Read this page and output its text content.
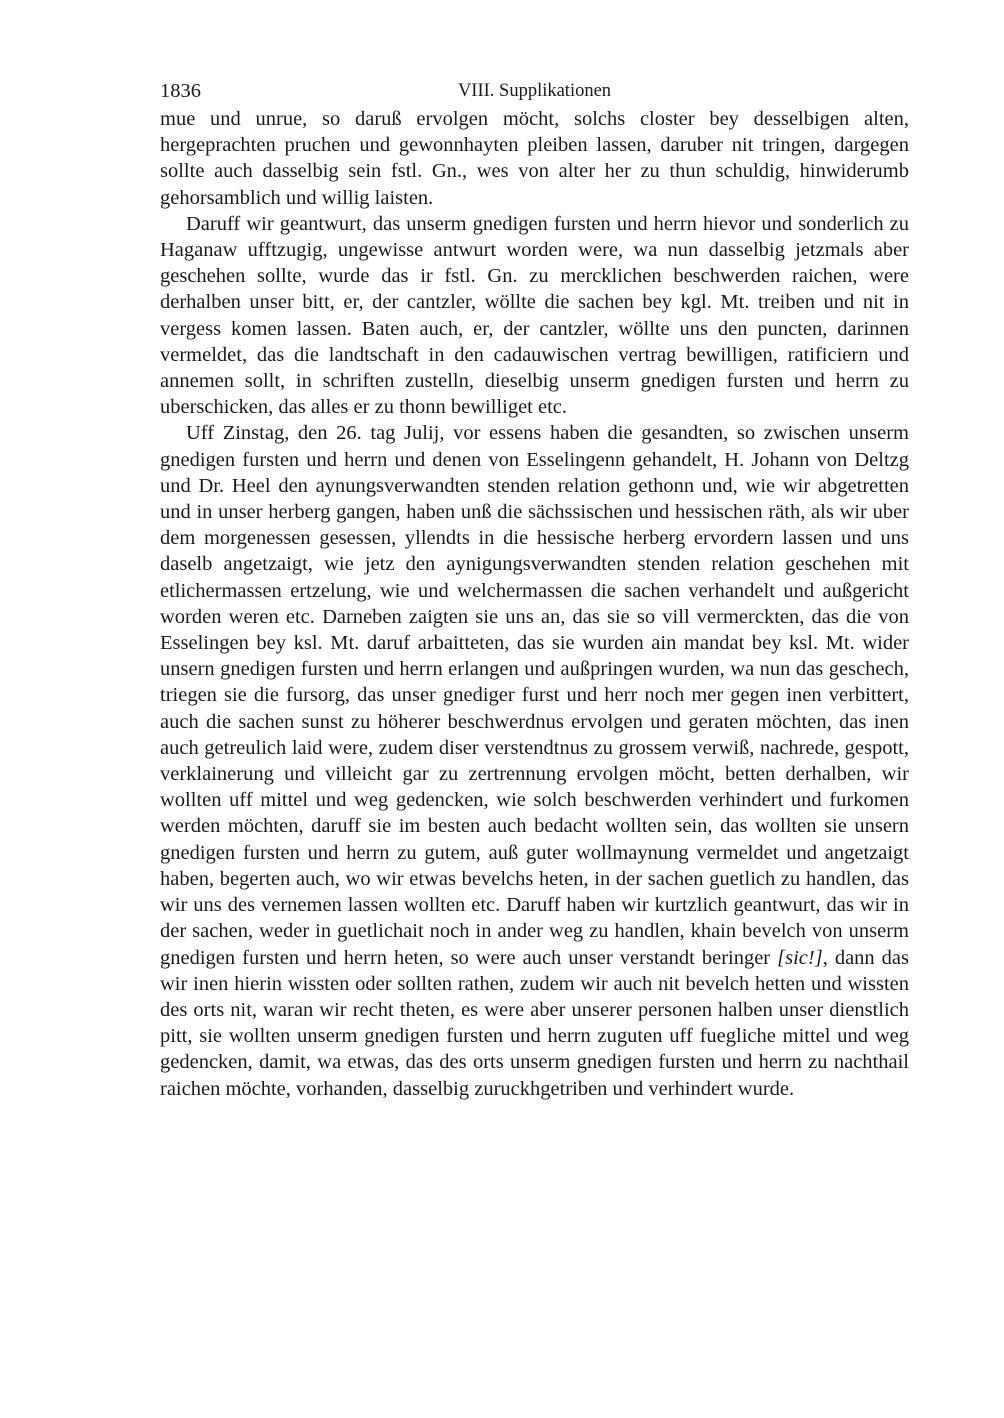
1836	VIII. Supplikationen

mue und unrue, so daruß ervolgen möcht, solchs closter bey desselbigen alten, hergeprachten pruchen und gewonnhayten pleiben lassen, daruber nit tringen, dargegen sollte auch dasselbig sein fstl. Gn., wes von alter her zu thun schuldig, hinwiderumb gehorsamblich und willig laisten.

Daruff wir geantwurt, das unserm gnedigen fursten und herrn hievor und sonderlich zu Haganaw ufftzugig, ungewisse antwurt worden were, wa nun dasselbig jetzmals aber geschehen sollte, wurde das ir fstl. Gn. zu mercklichen beschwerden raichen, were derhalben unser bitt, er, der cantzler, wöllte die sachen bey kgl. Mt. treiben und nit in vergess komen lassen. Baten auch, er, der cantzler, wöllte uns den puncten, darinnen vermeldet, das die landtschaft in den cadauwischen vertrag bewilligen, ratificiern und annemen sollt, in schriften zustelln, dieselbig unserm gnedigen fursten und herrn zu uberschicken, das alles er zu thonn bewilliget etc.

Uff Zinstag, den 26. tag Julij, vor essens haben die gesandten, so zwischen unserm gnedigen fursten und herrn und denen von Esselingenn gehandelt, H. Johann von Deltzg und Dr. Heel den aynungsverwandten stenden relation gethonn und, wie wir abgetretten und in unser herberg gangen, haben unß die sächssischen und hessischen räth, als wir uber dem morgenessen gesessen, yllendts in die hessische herberg ervordern lassen und uns daselb angetzaigt, wie jetz den aynigungsverwandten stenden relation geschehen mit etlichermassen ertzelung, wie und welchermassen die sachen verhandelt und außgericht worden weren etc. Darneben zaigten sie uns an, das sie so vill vermerckten, das die von Esselingen bey ksl. Mt. daruf arbaitteten, das sie wurden ain mandat bey ksl. Mt. wider unsern gnedigen fursten und herrn erlangen und außpringen wurden, wa nun das geschech, triegen sie die fursorg, das unser gnediger furst und herr noch mer gegen inen verbittert, auch die sachen sunst zu höherer beschwerdnus ervolgen und geraten möchten, das inen auch getreulich laid were, zudem diser verstendtnus zu grossem verwiß, nachrede, gespott, verklainerung und villeicht gar zu zertrennung ervolgen möcht, betten derhalben, wir wollten uff mittel und weg gedencken, wie solch beschwerden verhindert und furkomen werden möchten, daruff sie im besten auch bedacht wollten sein, das wollten sie unsern gnedigen fursten und herrn zu gutem, auß guter wollmaynung vermeldet und angetzaigt haben, begerten auch, wo wir etwas bevelchs heten, in der sachen guetlich zu handlen, das wir uns des vernemen lassen wollten etc. Daruff haben wir kurtzlich geantwurt, das wir in der sachen, weder in guetlichait noch in ander weg zu handlen, khain bevelch von unserm gnedigen fursten und herrn heten, so were auch unser verstandt beringer [sic!], dann das wir inen hierin wissten oder sollten rathen, zudem wir auch nit bevelch hetten und wissten des orts nit, waran wir recht theten, es were aber unserer personen halben unser dienstlich pitt, sie wollten unserm gnedigen fursten und herrn zuguten uff fuegliche mittel und weg gedencken, damit, wa etwas, das des orts unserm gnedigen fursten und herrn zu nachthail raichen möchte, vorhanden, dasselbig zuruckhgetriben und verhindert wurde.
